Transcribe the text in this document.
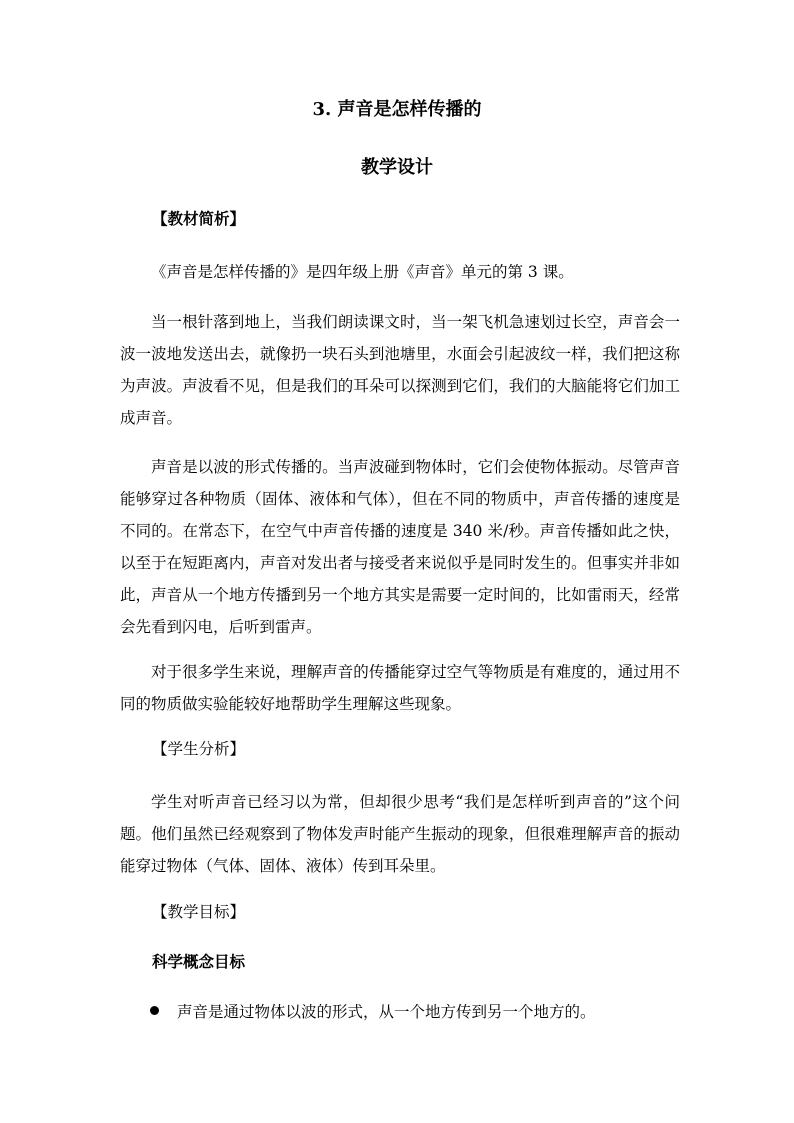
3. 声音是怎样传播的
教学设计
【教材简析】
《声音是怎样传播的》是四年级上册《声音》单元的第 3 课。
当一根针落到地上，当我们朗读课文时，当一架飞机急速划过长空，声音会一波一波地发送出去，就像扔一块石头到池塘里，水面会引起波纹一样，我们把这称为声波。声波看不见，但是我们的耳朵可以探测到它们，我们的大脑能将它们加工成声音。
声音是以波的形式传播的。当声波碰到物体时，它们会使物体振动。尽管声音能够穿过各种物质（固体、液体和气体），但在不同的物质中，声音传播的速度是不同的。在常态下，在空气中声音传播的速度是 340 米/秒。声音传播如此之快，以至于在短距离内，声音对发出者与接受者来说似乎是同时发生的。但事实并非如此，声音从一个地方传播到另一个地方其实是需要一定时间的，比如雷雨天，经常会先看到闪电，后听到雷声。
对于很多学生来说，理解声音的传播能穿过空气等物质是有难度的，通过用不同的物质做实验能较好地帮助学生理解这些现象。
【学生分析】
学生对听声音已经习以为常，但却很少思考“我们是怎样听到声音的”这个问题。他们虽然已经观察到了物体发声时能产生振动的现象，但很难理解声音的振动能穿过物体（气体、固体、液体）传到耳朵里。
【教学目标】
科学概念目标
声音是通过物体以波的形式，从一个地方传到另一个地方的。
